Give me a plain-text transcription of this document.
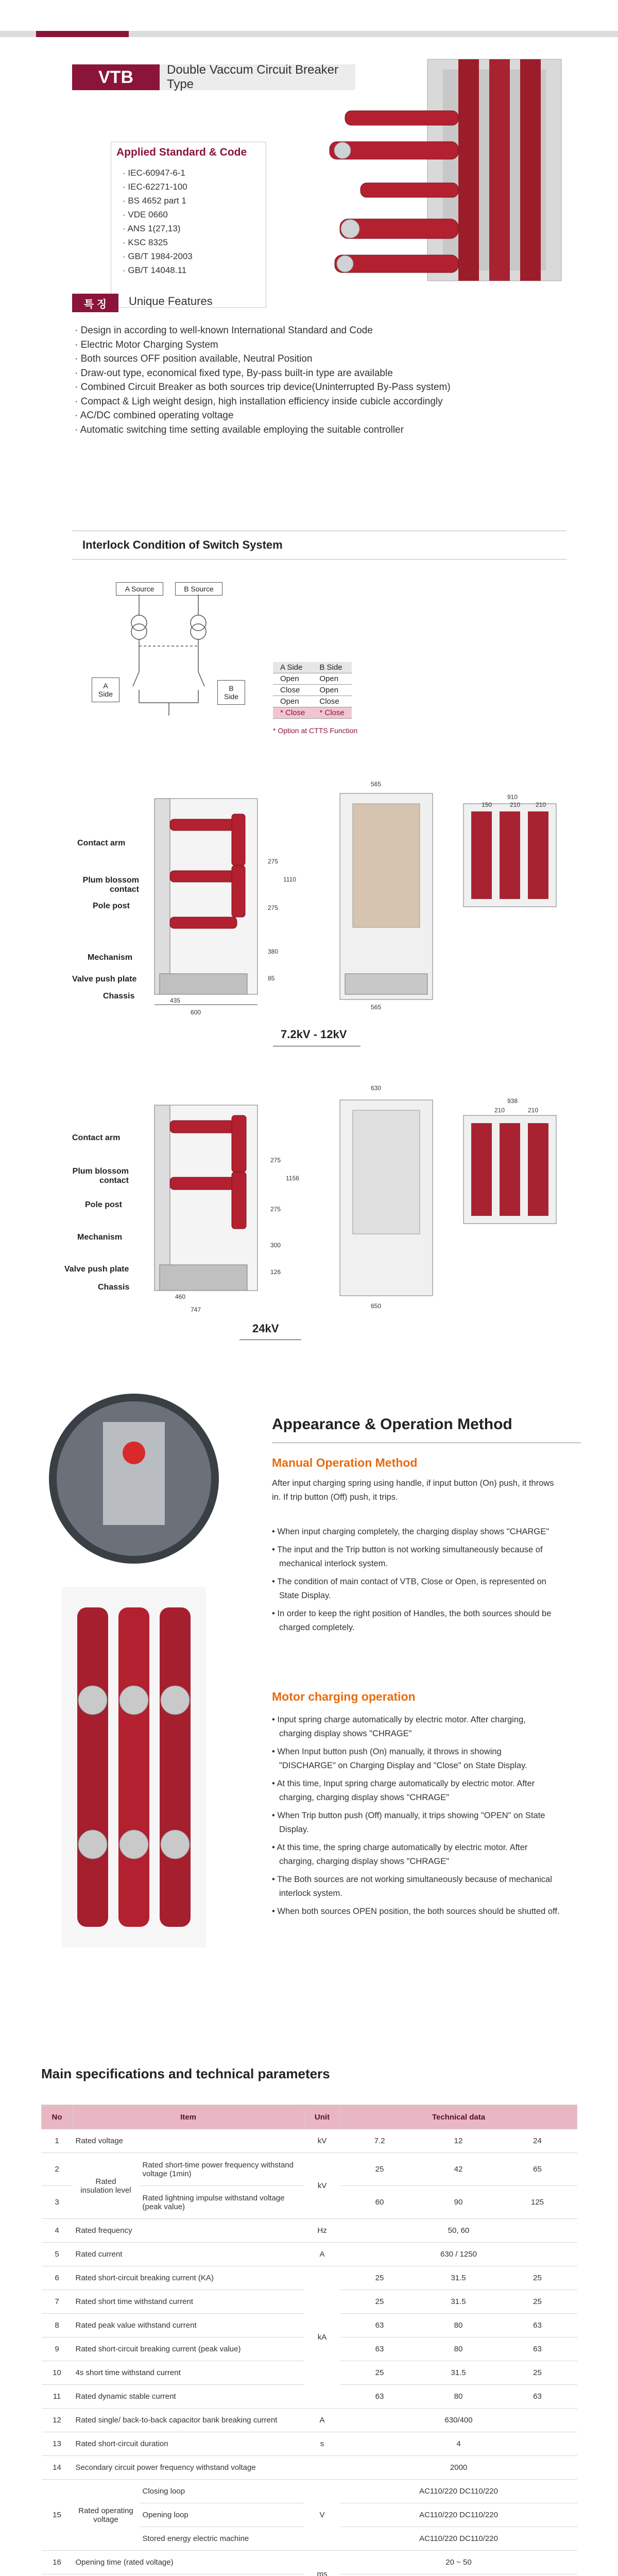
VTB	Double Vaccum Circuit Breaker Type
Applied Standard & Code
· IEC-60947-6-1
· IEC-62271-100
· BS 4652 part 1
· VDE 0660
· ANS 1(27,13)
· KSC 8325
· GB/T 1984-2003
· GB/T 14048.11
특 징	Unique Features
· Design in according to well-known International Standard and Code
· Electric Motor Charging System
· Both sources OFF position available, Neutral Position
· Draw-out type, economical fixed type, By-pass built-in type are available
· Combined Circuit Breaker as both sources trip device(Uninterrupted By-Pass system)
· Compact & Ligh weight design, high installation efficiency inside cubicle accordingly
· AC/DC combined operating voltage
· Automatic switching time setting available employing the suitable controller
Interlock Condition of Switch System
A Source	B Source
A
Side
B
Side
A Side	B Side
Open	Open
Close	Open
Open	Close
* Close	* Close
* Option at CTTS Function
Contact arm
Plum blossom
contact
Pole post
Mechanism
Valve push plate
Chassis
275
275
380
85
435
600
1110
565
910
150	210 210
565
7.2kV - 12kV
Contact arm
Plum blossom
contact
Pole post
Mechanism
Valve push plate
Chassis
275
275
300
126
460
747
1156
630
938
210	210
650
24kV
Appearance & Operation Method
Manual Operation Method
After input charging spring using handle, if input button (On) push, it throws in. If trip button (Off) push, it trips.
• When input charging completely, the charging display shows "CHARGE"
• The input and the Trip button is not working simultaneously because of mechanical interlock system.
• The condition of main contact of VTB, Close or Open, is represented on State Display.
• In order to keep the right position of Handles, the both sources should be charged completely.
Motor charging operation
• Input spring charge automatically by electric motor. After charging, charging display shows "CHRAGE"
• When Input button push (On) manually, it throws in showing "DISCHARGE" on Charging Display and "Close" on State Display.
• At this time, Input spring charge automatically by electric motor. After charging, charging display shows "CHRAGE"
• When Trip button push (Off) manually, it trips showing "OPEN" on State Display.
• At this time, the spring charge automatically by electric motor. After charging, charging display shows "CHRAGE"
• The Both sources are not working simultaneously because of mechanical interlock system.
• When both sources OPEN position, the both sources should be shutted off.
Main specifications and technical parameters
No	Item		Unit	Technical data		
1	Rated voltage		kV	7.2	12	24
2	Rated
insulation level	Rated short-time power frequency withstand voltage (1min)	kV	25	42	65
3		Rated lightning impulse withstand voltage (peak value)		60	90	125
4	Rated frequency		Hz	50, 60		
5	Rated current		A	630 / 1250		
6	Rated short-circuit breaking current (KA)		kA	25	31.5	25
7	Rated short time withstand current			25	31.5	25
8	Rated peak value withstand current			63	80	63
9	Rated short-circuit breaking current (peak value)			63	80	63
10	4s short time withstand current			25	31.5	25
11	Rated dynamic stable current			63	80	63
12	Rated single/ back-to-back capacitor bank breaking current		A	630/400		
13	Rated short-circuit duration		s	4		
14	Secondary circuit power frequency withstand voltage			2000		
15	Rated operating
voltage	Closing loop	V	AC110/220 DC110/220		
		Opening loop		AC110/220 DC110/220		
		Stored energy electric machine		AC110/220 DC110/220		
16	Opening time (rated voltage)		ms	20 ~ 50		
